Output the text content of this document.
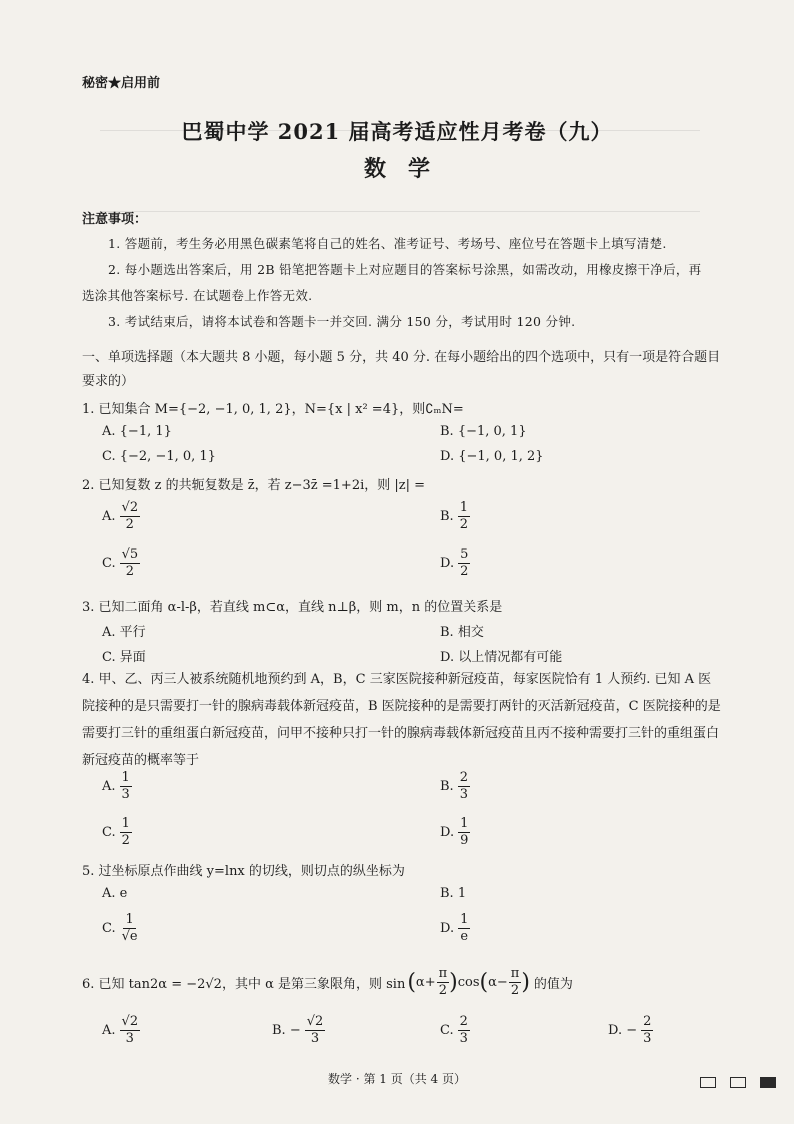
秘密★启用前
巴蜀中学 2021 届高考适应性月考卷（九）
数学
注意事项：
1. 答题前，考生务必用黑色碳素笔将自己的姓名、准考证号、考场号、座位号在答题卡上填写清楚.
2. 每小题选出答案后，用 2B 铅笔把答题卡上对应题目的答案标号涂黑，如需改动，用橡皮擦干净后，再
选涂其他答案标号. 在试题卷上作答无效.
3. 考试结束后，请将本试卷和答题卡一并交回. 满分 150 分，考试用时 120 分钟.
一、单项选择题（本大题共 8 小题，每小题 5 分，共 40 分. 在每小题给出的四个选项中，只有一项是符合题目要求的）
1. 已知集合 M={−2, −1, 0, 1, 2}，N={x | x² =4}，则∁ₘN=
A. {−1, 1}	B. {−1, 0, 1}
C. {−2, −1, 0, 1}	D. {−1, 0, 1, 2}
2. 已知复数 z 的共轭复数是 z̄，若 z−3z̄ =1+2i，则 |z| =
A. $\frac{√2}{2}$	B. $\frac{1}{2}$
C. $\frac{√5}{2}$	D. $\frac{5}{2}$
3. 已知二面角 α-l-β，若直线 m⊂α，直线 n⊥β，则 m，n 的位置关系是
A. 平行	B. 相交
C. 异面	D. 以上情况都有可能
4. 甲、乙、丙三人被系统随机地预约到 A，B，C 三家医院接种新冠疫苗，每家医院恰有 1 人预约. 已知 A 医院接种的是只需要打一针的腺病毒载体新冠疫苗，B 医院接种的是需要打两针的灭活新冠疫苗，C 医院接种的是需要打三针的重组蛋白新冠疫苗，问甲不接种只打一针的腺病毒载体新冠疫苗且丙不接种需要打三针的重组蛋白新冠疫苗的概率等于
A. $\frac{1}{3}$	B. $\frac{2}{3}$
C. $\frac{1}{2}$	D. $\frac{1}{9}$
5. 过坐标原点作曲线 y=lnx 的切线，则切点的纵坐标为
A. e	B. 1
C. $\frac{1}{√e}$	D. $\frac{1}{e}$
6. 已知 tan2α = −2√2，其中 α 是第三象限角，则 sin ( $\alpha+ \frac{\pi}{2}$ ) cos ( $\alpha- \frac{\pi}{2}$ ) 的值为
A. $\frac{√2}{3}$	B. − $\frac{√2}{3}$	C. $\frac{2}{3}$	D. − $\frac{2}{3}$
数学 · 第 1 页（共 4 页）
